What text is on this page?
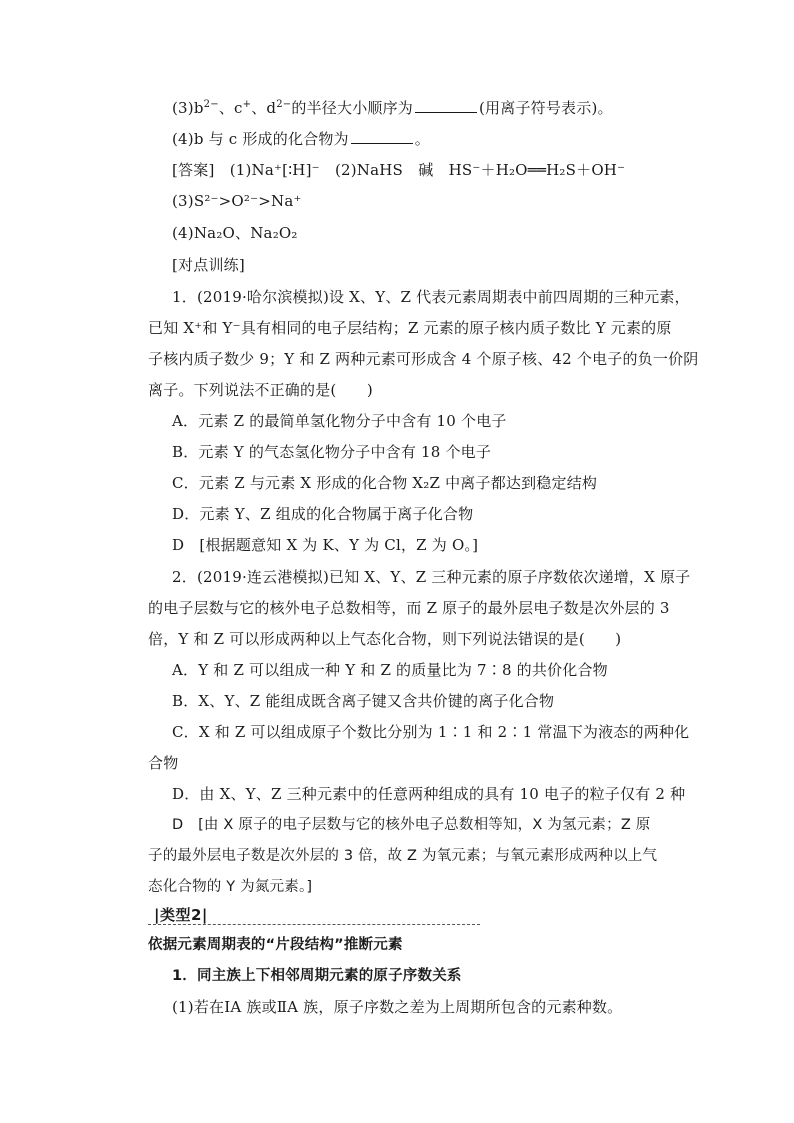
$(3)b^{2-}$、c+、$d^{2-}$的半径大小顺序为	(用离子符号表示)。
(4)b 与 c 形成的化合物为	。
[答案]　(1)Na⁺[∶H]⁻　(2)NaHS　碱　HS⁻＋H₂O══H₂S＋OH⁻
(3)S²⁻>O²⁻>Na⁺
(4)Na₂O、Na₂O₂
[对点训练]
1．(2019·哈尔滨模拟)设 X、Y、Z 代表元素周期表中前四周期的三种元素，
已知 X⁺和 Y⁻具有相同的电子层结构；Z 元素的原子核内质子数比 Y 元素的原
子核内质子数少 9；Y 和 Z 两种元素可形成含 4 个原子核、42 个电子的负一价阴
离子。下列说法不正确的是(　　)
A．元素 Z 的最简单氢化物分子中含有 10 个电子
B．元素 Y 的气态氢化物分子中含有 18 个电子
C．元素 Z 与元素 X 形成的化合物 X₂Z 中离子都达到稳定结构
D．元素 Y、Z 组成的化合物属于离子化合物
D　[根据题意知 X 为 K、Y 为 Cl，Z 为 O。]
2．(2019·连云港模拟)已知 X、Y、Z 三种元素的原子序数依次递增，X 原子
的电子层数与它的核外电子总数相等，而 Z 原子的最外层电子数是次外层的 3
倍，Y 和 Z 可以形成两种以上气态化合物，则下列说法错误的是(　　)
A．Y 和 Z 可以组成一种 Y 和 Z 的质量比为 7∶8 的共价化合物
B．X、Y、Z 能组成既含离子键又含共价键的离子化合物
C．X 和 Z 可以组成原子个数比分别为 1∶1 和 2∶1 常温下为液态的两种化
合物
D．由 X、Y、Z 三种元素中的任意两种组成的具有 10 电子的粒子仅有 2 种
D　[由 X 原子的电子层数与它的核外电子总数相等知，X 为氢元素；Z 原
子的最外层电子数是次外层的 3 倍，故 Z 为氧元素；与氧元素形成两种以上气
态化合物的 Y 为氮元素。]
|类型2|
依据元素周期表的“片段结构”推断元素
1．同主族上下相邻周期元素的原子序数关系
(1)若在ⅠA 族或ⅡA 族，原子序数之差为上周期所包含的元素种数。
